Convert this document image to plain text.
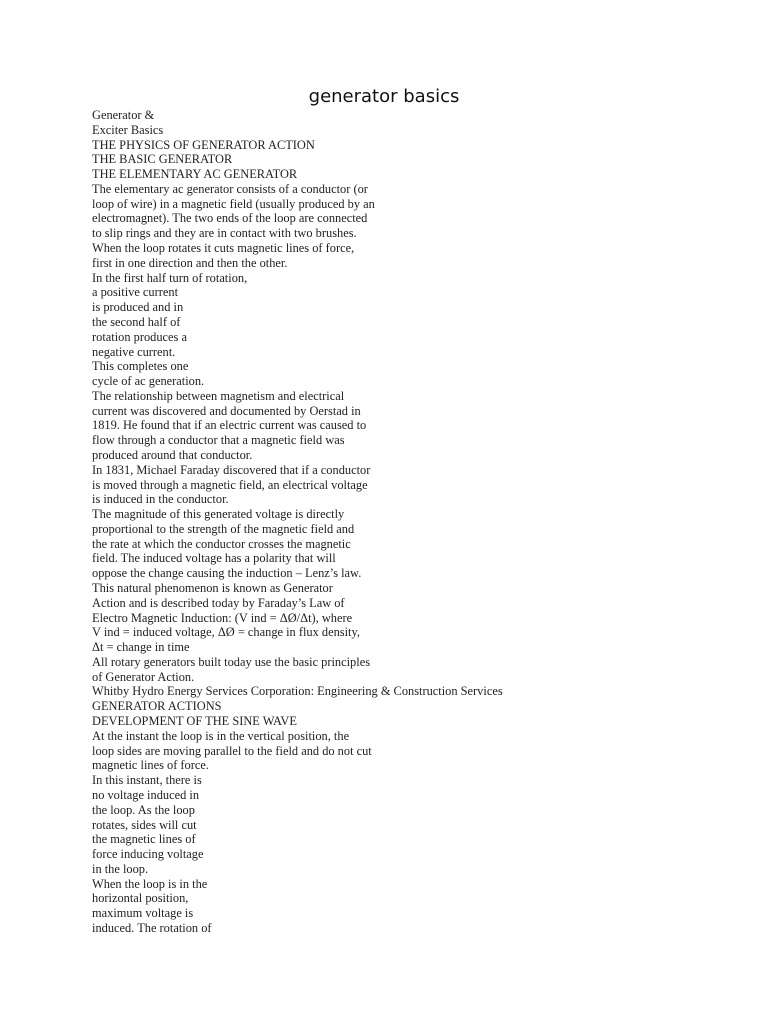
generator basics
Generator &
Exciter Basics
THE PHYSICS OF GENERATOR ACTION
THE BASIC GENERATOR
THE ELEMENTARY AC GENERATOR
The elementary ac generator consists of a conductor (or
loop of wire) in a magnetic field (usually produced by an
electromagnet). The two ends of the loop are connected
to slip rings and they are in contact with two brushes.
When the loop rotates it cuts magnetic lines of force,
first in one direction and then the other.
In the first half turn of rotation,
a positive current
is produced and in
the second half of
rotation produces a
negative current.
This completes one
cycle of ac generation.
The relationship between magnetism and electrical
current was discovered and documented by Oerstad in
1819. He found that if an electric current was caused to
flow through a conductor that a magnetic field was
produced around that conductor.
In 1831, Michael Faraday discovered that if a conductor
is moved through a magnetic field, an electrical voltage
is induced in the conductor.
The magnitude of this generated voltage is directly
proportional to the strength of the magnetic field and
the rate at which the conductor crosses the magnetic
field. The induced voltage has a polarity that will
oppose the change causing the induction – Lenz’s law.
This natural phenomenon is known as Generator
Action and is described today by Faraday’s Law of
Electro Magnetic Induction: (V ind = ΔØ/Δt), where
V ind = induced voltage, ΔØ = change in flux density,
Δt = change in time
All rotary generators built today use the basic principles
of Generator Action.
Whitby Hydro Energy Services Corporation: Engineering & Construction Services
GENERATOR ACTIONS
DEVELOPMENT OF THE SINE WAVE
At the instant the loop is in the vertical position, the
loop sides are moving parallel to the field and do not cut
magnetic lines of force.
In this instant, there is
no voltage induced in
the loop. As the loop
rotates, sides will cut
the magnetic lines of
force inducing voltage
in the loop.
When the loop is in the
horizontal position,
maximum voltage is
induced. The rotation of
